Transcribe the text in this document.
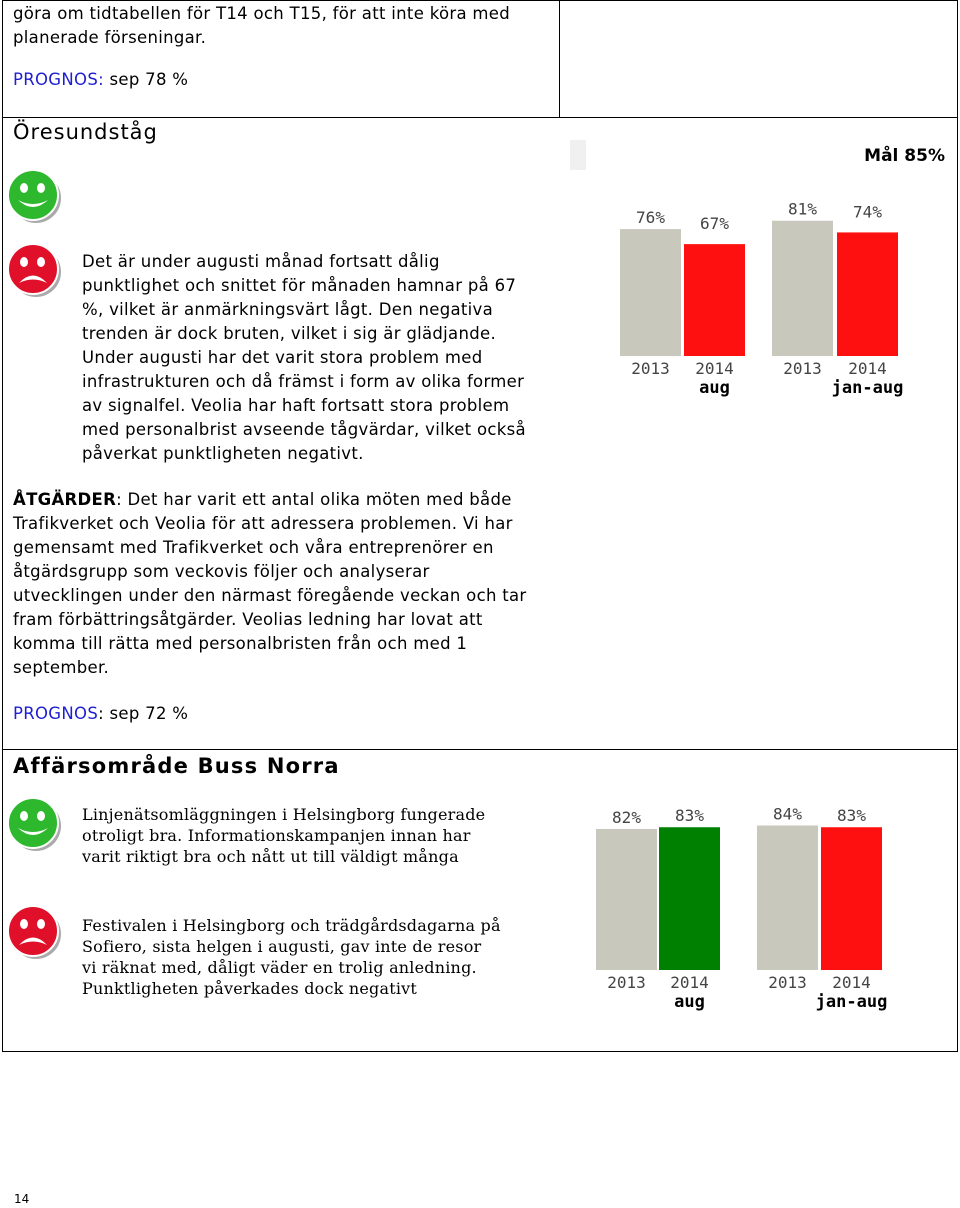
göra om tidtabellen för T14 och T15, för att inte köra med

planerade förseningar.

PROGNOS: sep 78 %
Öresundståg

Det är under augusti månad fortsatt dålig

punktlighet och snittet för månaden hamnar på 67

%, vilket är anmärkningsvärt lågt. Den negativa

trenden är dock bruten, vilket i sig är glädjande.

Under augusti har det varit stora problem med

infrastrukturen och då främst i form av olika former

av signalfel. Veolia har haft fortsatt stora problem

med personalbrist avseende tågvärdar, vilket också

påverkat punktligheten negativt.

ÅTGÄRDER: Det har varit ett antal olika möten med både

Trafikverket och Veolia för att adressera problemen. Vi har

gemensamt med Trafikverket och våra entreprenörer en

åtgärdsgrupp som veckovis följer och analyserar

utvecklingen under den närmast föregående veckan och tar

fram förbättringsåtgärder. Veolias ledning har lovat att

komma till rätta med personalbristen från och med 1

september.

PROGNOS: sep 72 %
Mål 85%
76%
2013
67%
2014
81%
2013
74%
2014
aug	jan-aug
Affärsområde Buss Norra

Linjenätsomläggningen i Helsingborg fungerade

otroligt bra. Informationskampanjen innan har

varit riktigt bra och nått ut till väldigt många

Festivalen i Helsingborg och trädgårdsdagarna på

Sofiero, sista helgen i augusti, gav inte de resor

vi räknat med, dåligt väder en trolig anledning.

Punktligheten påverkades dock negativt

82%
2013
83%
2014
84%
2013
83%
2014
aug	jan-aug
14
